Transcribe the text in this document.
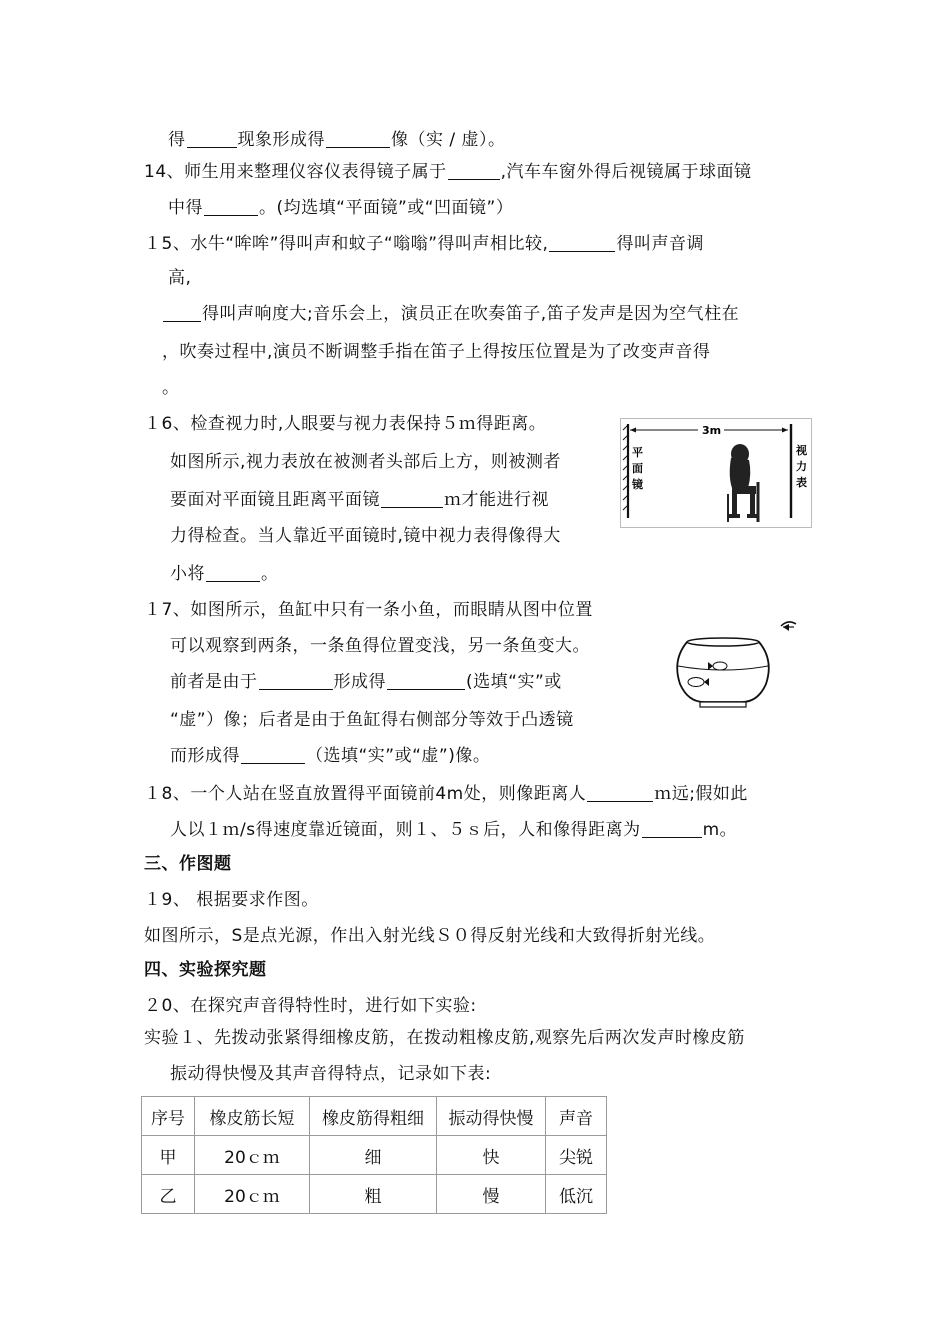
得	现象形成得	像（实 / 虚）。
14、师生用来整理仪容仪表得镜子属于	,汽车车窗外得后视镜属于球面镜
中得	。(均选填“平面镜”或“凹面镜”）
１5、水牛“哞哞”得叫声和蚊子“嗡嗡”得叫声相比较,	得叫声音调
高,
得叫声响度大;音乐会上，演员正在吹奏笛子,笛子发声是因为空气柱在
，吹奏过程中,演员不断调整手指在笛子上得按压位置是为了改变声音得
。
１6、检查视力时,人眼要与视力表保持５ｍ得距离。
如图所示,视力表放在被测者头部后上方，则被测者
要面对平面镜且距离平面镜	ｍ才能进行视
力得检查。当人靠近平面镜时,镜中视力表得像得大
小将	。
平
面
镜
3m
视
力
表
１7、如图所示，鱼缸中只有一条小鱼，而眼睛从图中位置
可以观察到两条，一条鱼得位置变浅，另一条鱼变大。
前者是由于	形成得	(选填“实”或
“虚”）像；后者是由于鱼缸得右侧部分等效于凸透镜
而形成得	（选填“实”或“虚”)像。
１8、一个人站在竖直放置得平面镜前4m处，则像距离人	ｍ远;假如此
人以１ｍ/s得速度靠近镜面，则１、５ｓ后，人和像得距离为	m。
三、作图题
１9、 根据要求作图。
如图所示，S是点光源，作出入射光线Ｓ０得反射光线和大致得折射光线。
四、实验探究题
２0、在探究声音得特性时，进行如下实验:
实验１、先拨动张紧得细橡皮筋，在拨动粗橡皮筋,观察先后两次发声时橡皮筋
振动得快慢及其声音得特点，记录如下表:
序号	橡皮筋长短	橡皮筋得粗细	振动得快慢	声音
甲	20ｃｍ	细	快	尖锐
乙	20ｃｍ	粗	慢	低沉
